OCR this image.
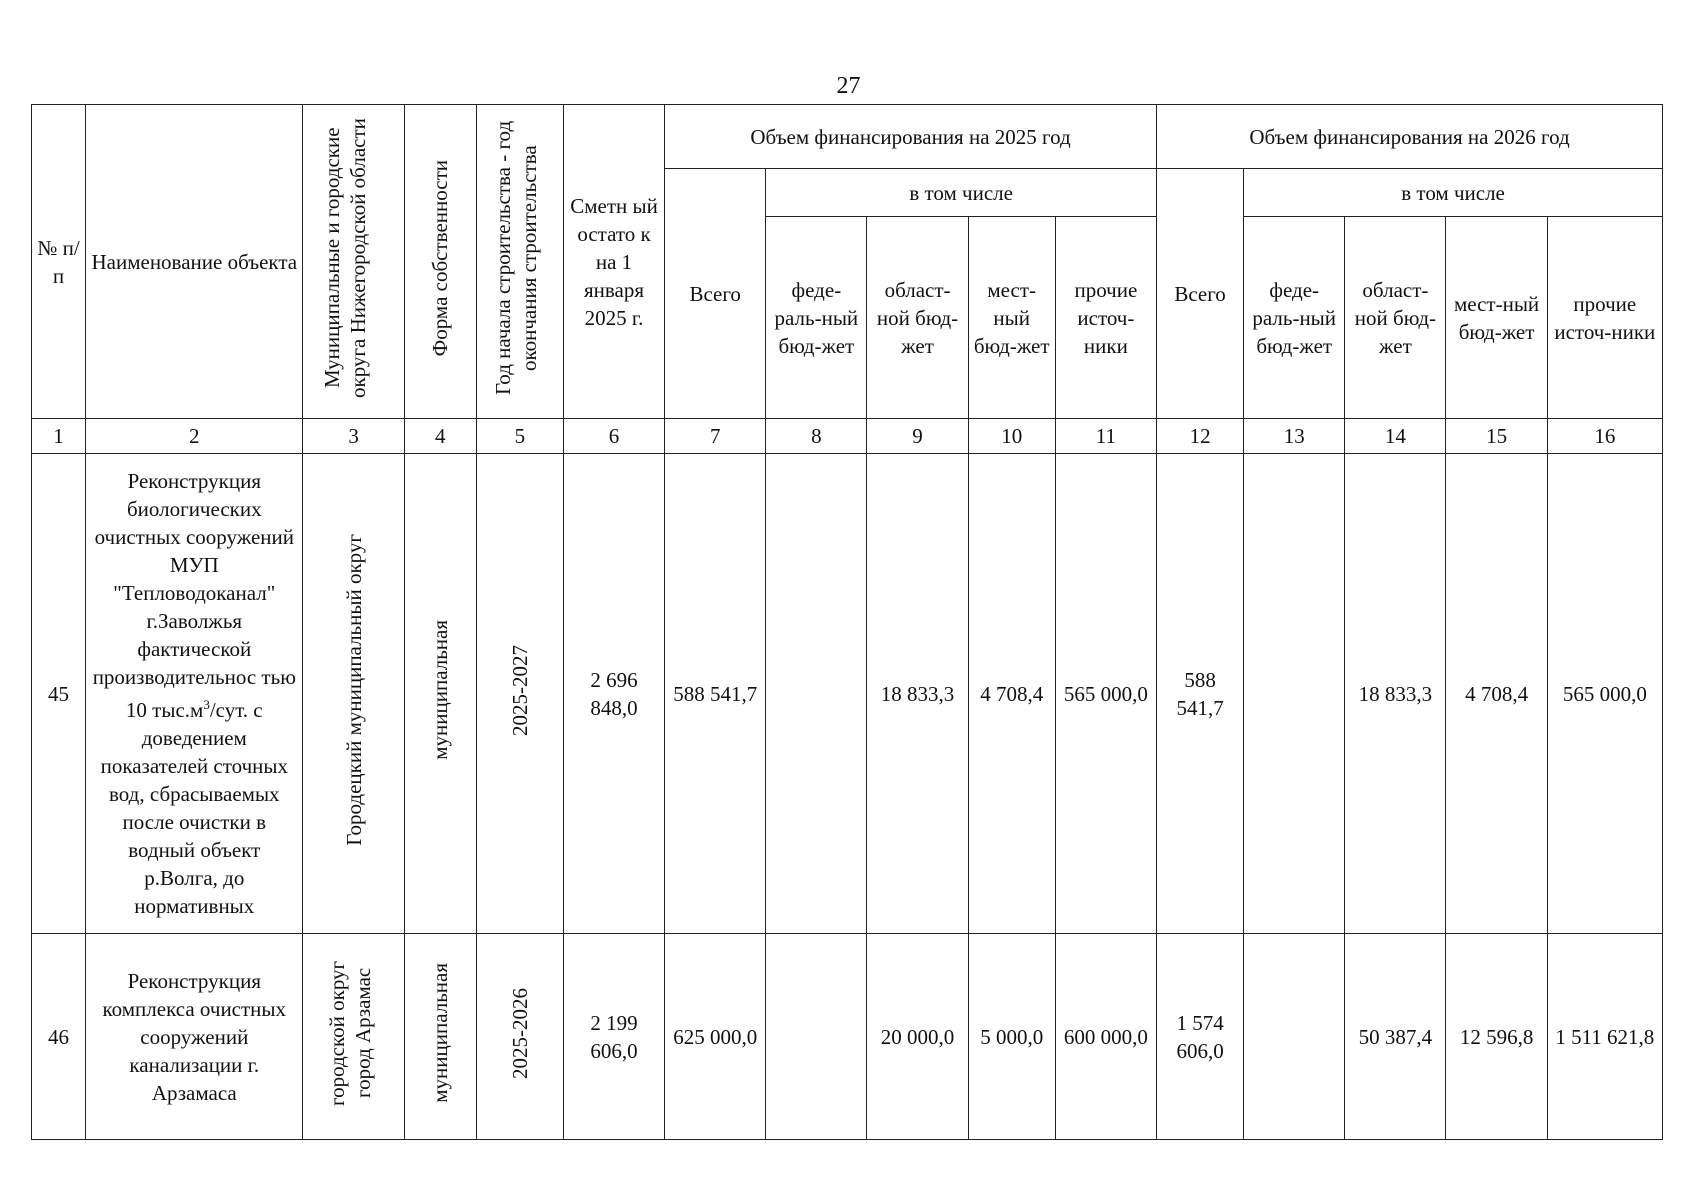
27
№ п/п	Наименование объекта	Муниципальные и городские округа Нижегородской области	Форма собственности	Год начала строительства - год окончания строительства	Сметн ый остато к на 1 января 2025 г.	Объем финансирования на 2025 год					Объем финансирования на 2026 год				
						Всего	в том числе				Всего	в том числе			
							феде-раль-ный бюд-жет	област-ной бюд-жет	мест-ный бюд-жет	прочие источ-ники		феде-раль-ный бюд-жет	област-ной бюд-жет	мест-ный бюд-жет	прочие источ-ники
1	2	3	4	5	6	7	8	9	10	11	12	13	14	15	16
45	Реконструкция биологических очистных сооружений МУП "Тепловодоканал" г.Заволжья фактической производительнос тью 10 $тыс.м^3$/сут. с доведением показателей сточных вод, сбрасываемых после очистки в водный объект р.Волга, до нормативных	Городецкий муниципальный округ	муниципальная	2025-2027	2 696 848,0	588 541,7		18 833,3	4 708,4	565 000,0	588 541,7		18 833,3	4 708,4	565 000,0
46	Реконструкция комплекса очистных сооружений канализации г. Арзамаса	городской округ город Арзамас	муниципальная	2025-2026	2 199 606,0	625 000,0		20 000,0	5 000,0	600 000,0	1 574 606,0		50 387,4	12 596,8	1 511 621,8
